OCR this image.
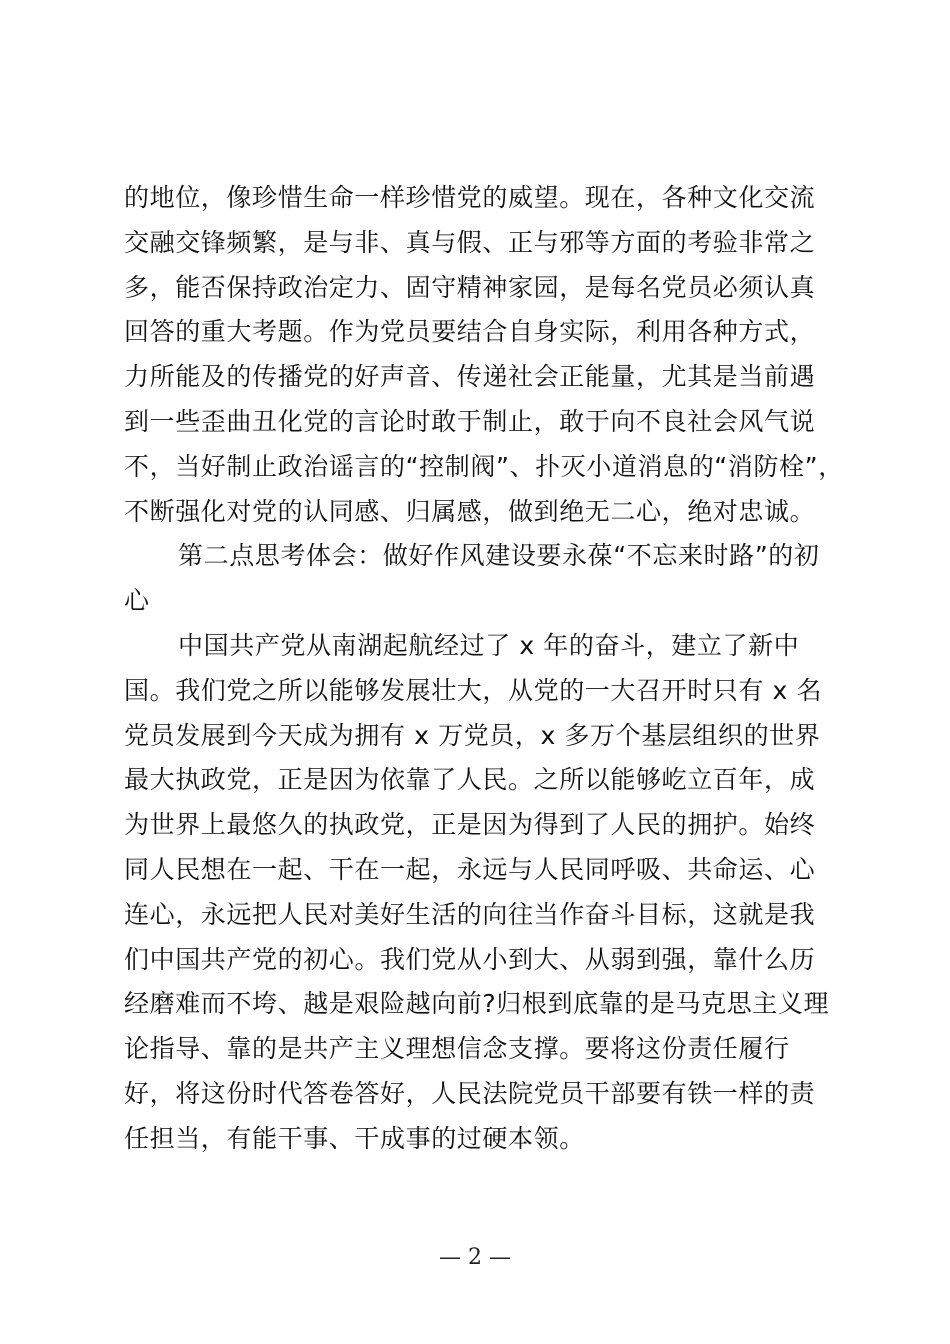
的地位，像珍惜生命一样珍惜党的威望。现在，各种文化交流
交融交锋频繁，是与非、真与假、正与邪等方面的考验非常之
多，能否保持政治定力、固守精神家园，是每名党员必须认真
回答的重大考题。作为党员要结合自身实际，利用各种方式，
力所能及的传播党的好声音、传递社会正能量，尤其是当前遇
到一些歪曲丑化党的言论时敢于制止，敢于向不良社会风气说
不，当好制止政治谣言的“控制阀”、扑灭小道消息的“消防栓”，
不断强化对党的认同感、归属感，做到绝无二心，绝对忠诚。
第二点思考体会：做好作风建设要永葆“不忘来时路”的初
心
中国共产党从南湖起航经过了 x 年的奋斗，建立了新中
国。我们党之所以能够发展壮大，从党的一大召开时只有 x 名
党员发展到今天成为拥有 x 万党员，x 多万个基层组织的世界
最大执政党，正是因为依靠了人民。之所以能够屹立百年，成
为世界上最悠久的执政党，正是因为得到了人民的拥护。始终
同人民想在一起、干在一起，永远与人民同呼吸、共命运、心
连心，永远把人民对美好生活的向往当作奋斗目标，这就是我
们中国共产党的初心。我们党从小到大、从弱到强，靠什么历
经磨难而不垮、越是艰险越向前?归根到底靠的是马克思主义理
论指导、靠的是共产主义理想信念支撑。要将这份责任履行
好，将这份时代答卷答好，人民法院党员干部要有铁一样的责
任担当，有能干事、干成事的过硬本领。
— 2 —
